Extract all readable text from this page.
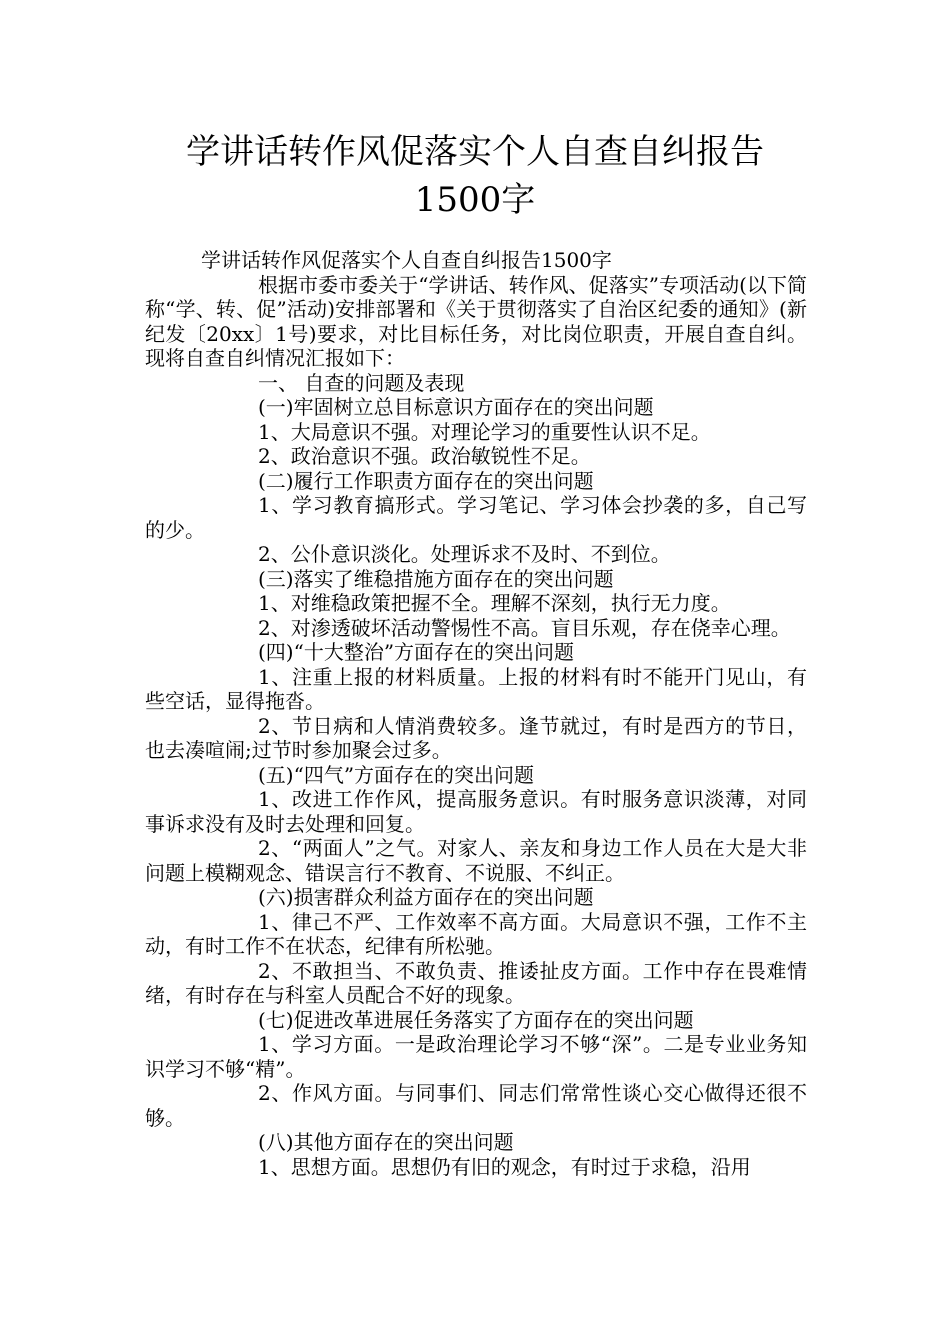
学讲话转作风促落实个人自查自纠报告
1500字

学讲话转作风促落实个人自查自纠报告1500字

根据市委市委关于“学讲话、转作风、促落实”专项活动(以下简称“学、转、促”活动)安排部署和《关于贯彻落实了自治区纪委的通知》(新纪发〔20xx〕1号)要求，对比目标任务，对比岗位职责，开展自查自纠。现将自查自纠情况汇报如下：

一、 自查的问题及表现

(一)牢固树立总目标意识方面存在的突出问题

1、大局意识不强。对理论学习的重要性认识不足。

2、政治意识不强。政治敏锐性不足。

(二)履行工作职责方面存在的突出问题

1、学习教育搞形式。学习笔记、学习体会抄袭的多，自己写的少。

2、公仆意识淡化。处理诉求不及时、不到位。

(三)落实了维稳措施方面存在的突出问题

1、对维稳政策把握不全。理解不深刻，执行无力度。

2、对渗透破坏活动警惕性不高。盲目乐观，存在侥幸心理。

(四)“十大整治”方面存在的突出问题

1、注重上报的材料质量。上报的材料有时不能开门见山，有些空话，显得拖沓。

2、节日病和人情消费较多。逢节就过，有时是西方的节日，也去凑喧闹;过节时参加聚会过多。

(五)“四气”方面存在的突出问题

1、改进工作作风，提高服务意识。有时服务意识淡薄，对同事诉求没有及时去处理和回复。

2、“两面人”之气。对家人、亲友和身边工作人员在大是大非问题上模糊观念、错误言行不教育、不说服、不纠正。

(六)损害群众利益方面存在的突出问题

1、律己不严、工作效率不高方面。大局意识不强，工作不主动，有时工作不在状态，纪律有所松驰。

2、不敢担当、不敢负责、推诿扯皮方面。工作中存在畏难情绪，有时存在与科室人员配合不好的现象。

(七)促进改革进展任务落实了方面存在的突出问题

1、学习方面。一是政治理论学习不够“深”。二是专业业务知识学习不够“精”。

2、作风方面。与同事们、同志们常常性谈心交心做得还很不够。

(八)其他方面存在的突出问题

1、思想方面。思想仍有旧的观念，有时过于求稳，沿用
